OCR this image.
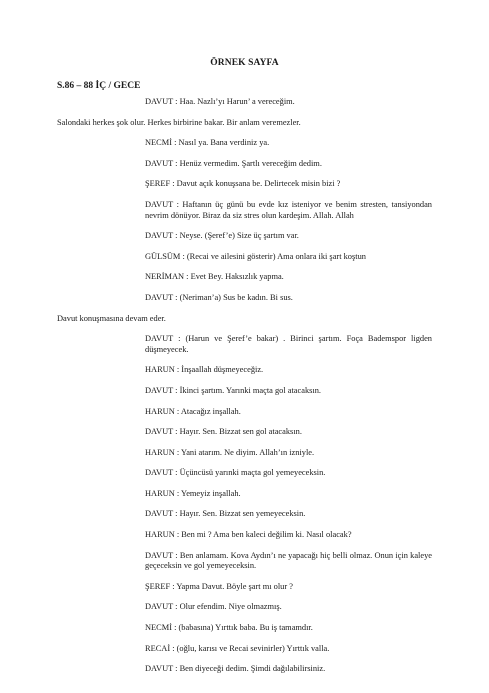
ÖRNEK SAYFA
S.86 – 88 İÇ / GECE
DAVUT : Haa. Nazlı’yı Harun’ a vereceğim.
Salondaki herkes şok olur. Herkes birbirine bakar. Bir anlam veremezler.
NECMİ : Nasıl ya. Bana verdiniz ya.
DAVUT : Henüz vermedim. Şartlı vereceğim dedim.
ŞEREF : Davut açık konuşsana be. Delirtecek misin bizi ?
DAVUT : Haftanın üç günü bu evde kız isteniyor ve benim stresten, tansiyondan nevrim dönüyor. Biraz da siz stres olun kardeşim. Allah. Allah
DAVUT : Neyse. (Şeref’e) Size üç şartım var.
GÜLSÜM : (Recai ve ailesini gösterir) Ama onlara iki şart koştun
NERİMAN : Evet Bey. Haksızlık yapma.
DAVUT : (Neriman’a) Sus be kadın. Bi sus.
Davut konuşmasına devam eder.
DAVUT : (Harun ve Şeref’e bakar) . Birinci şartım. Foça Bademspor ligden düşmeyecek.
HARUN : İnşaallah düşmeyeceğiz.
DAVUT : İkinci şartım. Yarınki maçta gol atacaksın.
HARUN : Atacağız inşallah.
DAVUT : Hayır. Sen. Bizzat sen gol atacaksın.
HARUN : Yani atarım. Ne diyim. Allah’ın izniyle.
DAVUT : Üçüncüsü yarınki maçta gol yemeyeceksin.
HARUN : Yemeyiz inşallah.
DAVUT : Hayır. Sen. Bizzat sen yemeyeceksin.
HARUN : Ben mi ? Ama ben kaleci değilim ki. Nasıl olacak?
DAVUT : Ben anlamam. Kova Aydın’ı ne yapacağı hiç belli olmaz. Onun için kaleye geçeceksin ve gol yemeyeceksin.
ŞEREF : Yapma Davut. Böyle şart mı olur ?
DAVUT : Olur efendim. Niye olmazmış.
NECMİ : (babasına) Yırttık baba. Bu iş tamamdır.
RECAİ : (oğlu, karısı ve Recai sevinirler) Yırttık valla.
DAVUT : Ben diyeceği dedim. Şimdi dağılabilirsiniz.
